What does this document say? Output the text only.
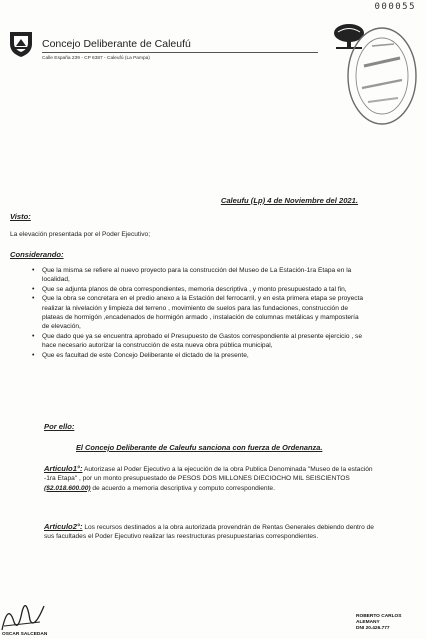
000055
Concejo Deliberante de Caleufú
Calle España 239 - CP 6387 - Caleufú (La Pampa)
Caleufu (Lp) 4 de Noviembre del 2021.
Visto:
La elevación presentada por el Poder Ejecutivo;
Considerando:
• Que la misma se refiere al nuevo proyecto para la construcción del Museo de La Estación-1ra Etapa en la localidad,
• Que se adjunta planos de obra correspondientes, memoria descriptiva , y monto presupuestado a tal fin,
• Que la obra se concretara en el predio anexo a la Estación del ferrocarril, y en esta primera etapa se proyecta realizar la nivelación y limpieza del terreno , movimiento de suelos para las fundaciones, construcción de plateas de hormigón ,encadenados de hormigón armado , instalación de columnas metálicas y mampostería de elevación,
• Que dado que ya se encuentra aprobado el Presupuesto de Gastos correspondiente al presente ejercicio , se hace necesario autorizar la construcción de esta nueva obra pública municipal,
• Que es facultad de este Concejo Deliberante el dictado de la presente,
Por ello:
El Concejo Deliberante de Caleufu sanciona con fuerza de Ordenanza.
Articulo1°: Autorizase al Poder Ejecutivo a la ejecución de la obra Publica Denominada "Museo de la estación -1ra Etapa" , por un monto presupuestado de PESOS DOS MILLONES DIECIOCHO MIL SEISCIENTOS ($2.018.600.00) de acuerdo a memoria descriptiva y computo correspondiente.
Articulo2°: Los recursos destinados a la obra autorizada provendrán de Rentas Generales debiendo dentro de sus facultades el Poder Ejecutivo realizar las reestructuras presupuestarias correspondientes.
OSCAR SALCEDAN
ROBERTO CARLOS ALEMANY
DNI 20.426.777
